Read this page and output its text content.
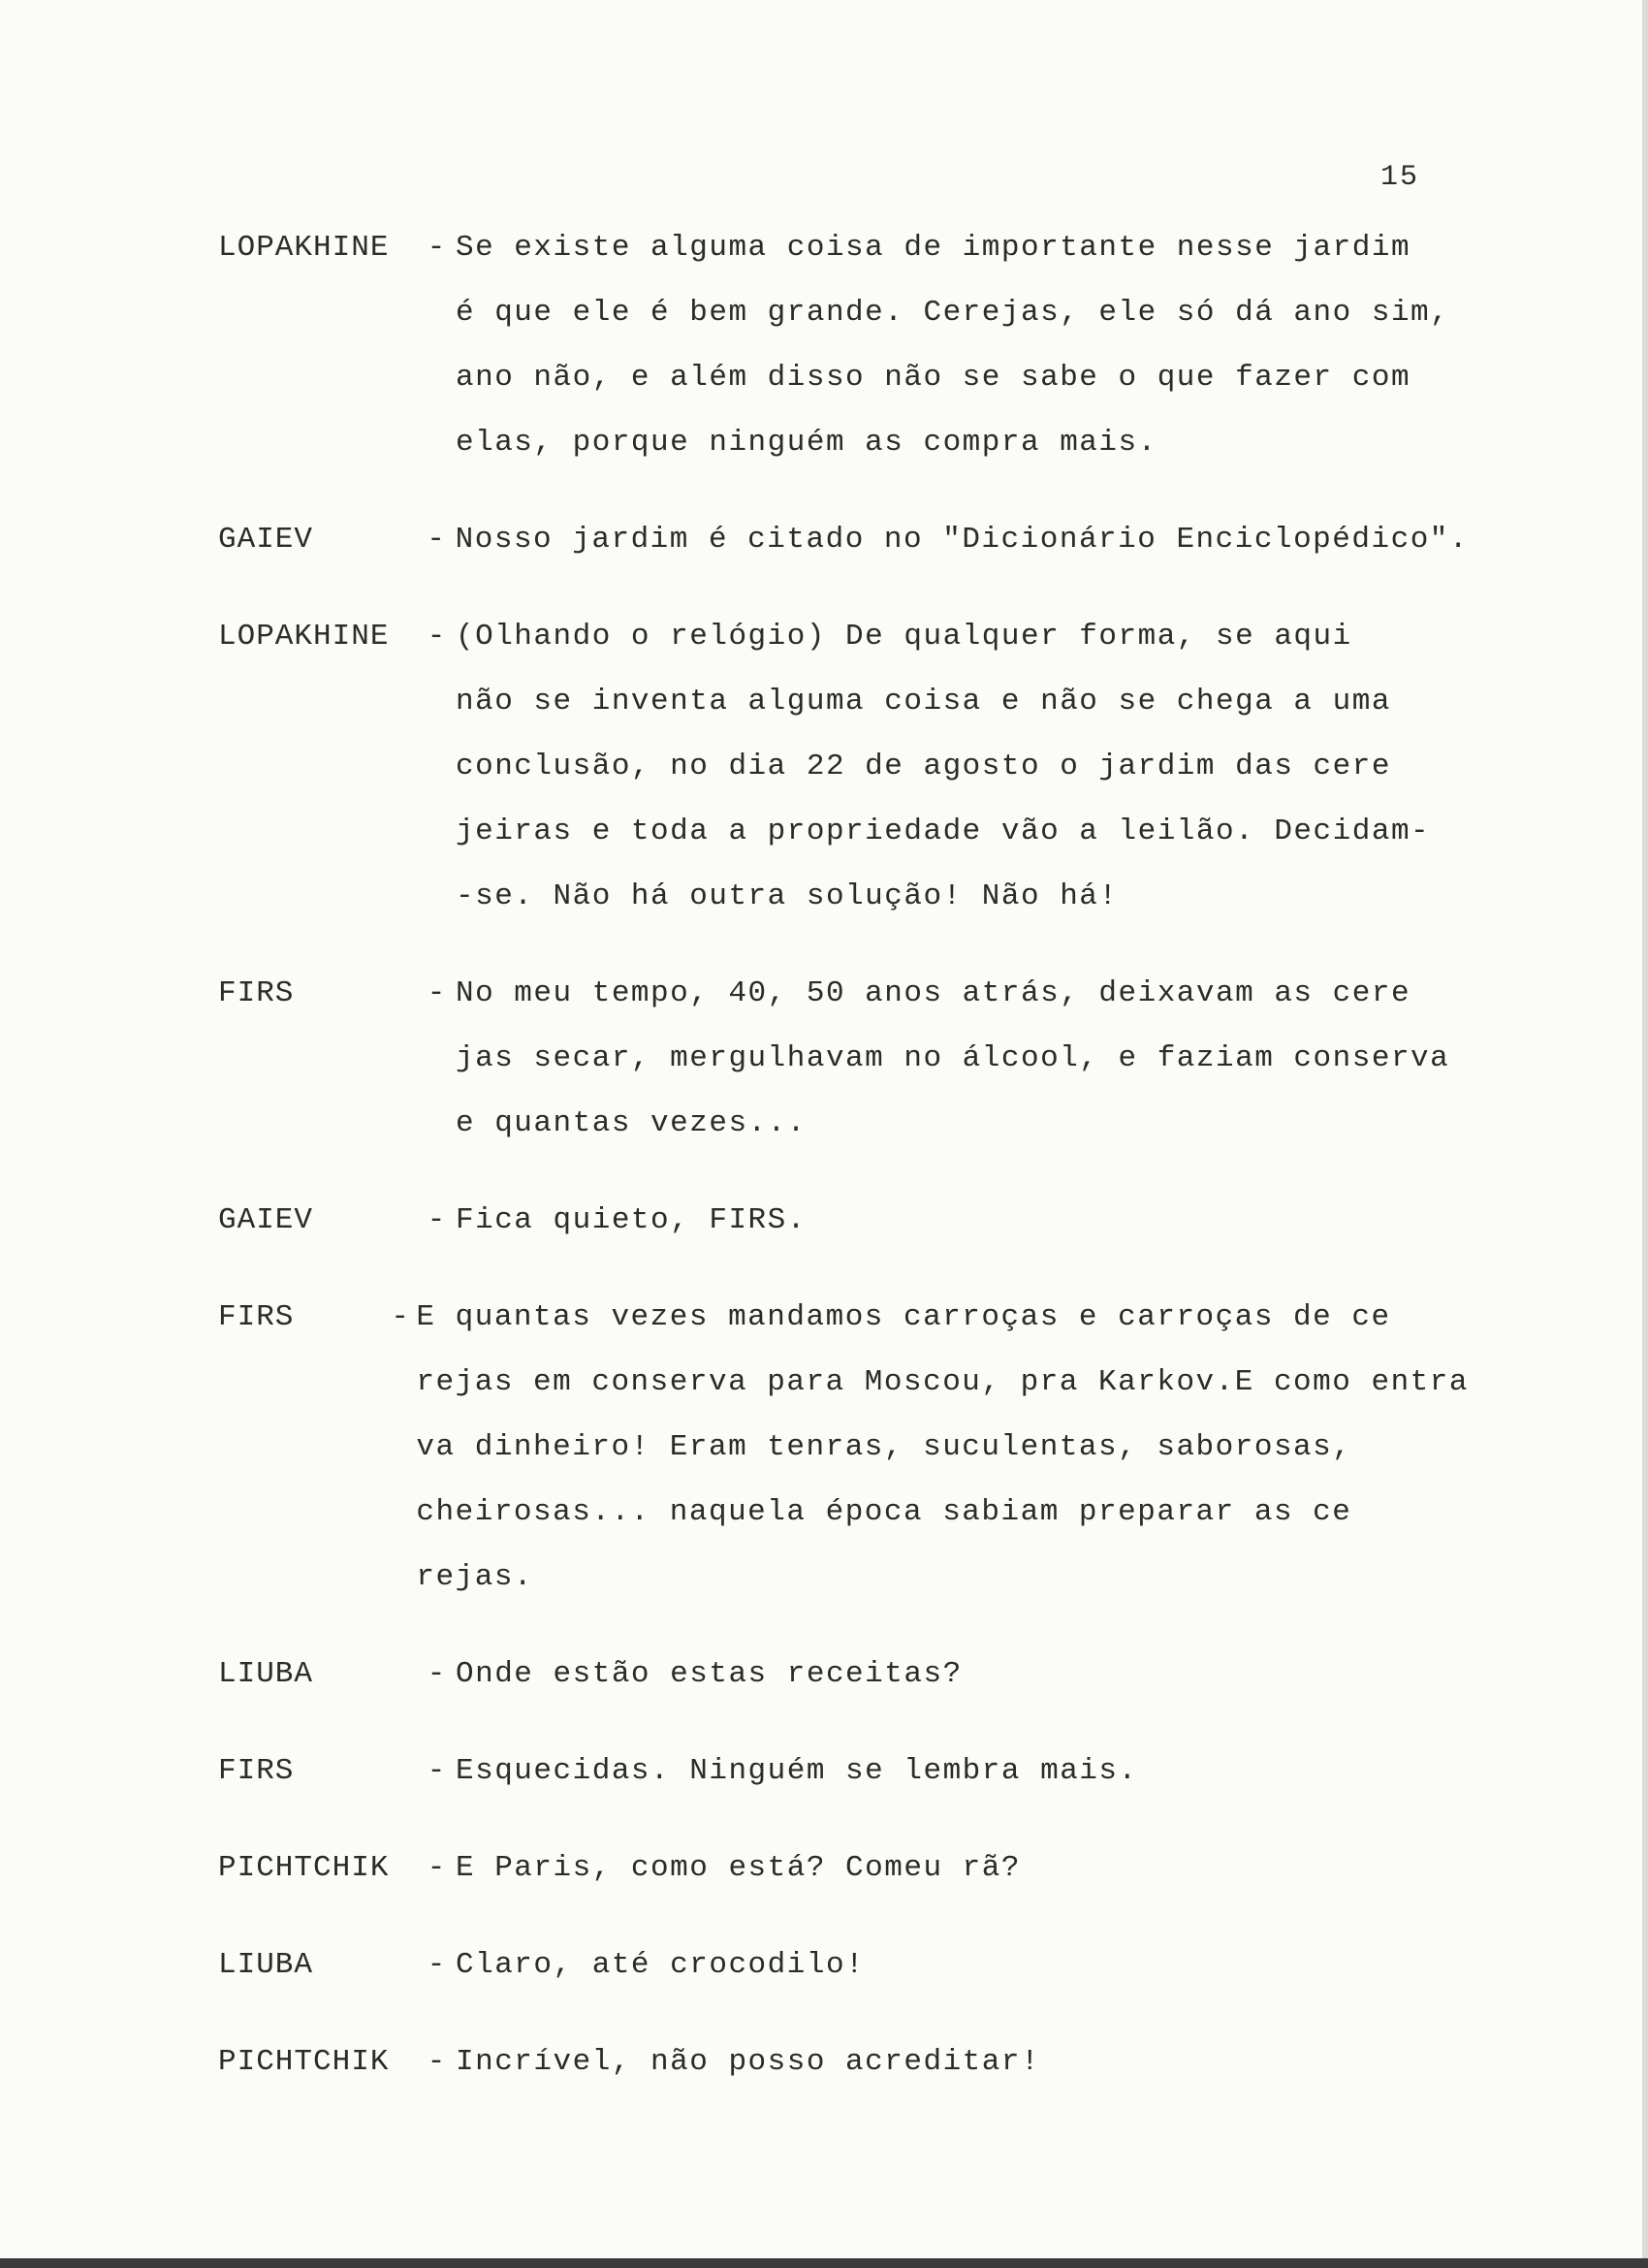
15
LOPAKHINE	- Se existe alguma coisa de importante nesse jardim
é que ele é bem grande. Cerejas, ele só dá ano sim,
ano não, e além disso não se sabe o que fazer com
elas, porque ninguém as compra mais.
GAIEV	- Nosso jardim é citado no "Dicionário Enciclopédico".
LOPAKHINE	- (Olhando o relógio) De qualquer forma, se aqui
não se inventa alguma coisa e não se chega a uma
conclusão, no dia 22 de agosto o jardim das cere
jeiras e toda a propriedade vão a leilão. Decidam-
-se. Não há outra solução! Não há!
FIRS	- No meu tempo, 40, 50 anos atrás, deixavam as cere
jas secar, mergulhavam no álcool, e faziam conserva
e quantas vezes...
GAIEV	- Fica quieto, FIRS.
FIRS	- E quantas vezes mandamos carroças e carroças de ce
rejas em conserva para Moscou, pra Karkov.E como entra
va dinheiro! Eram tenras, suculentas, saborosas,
cheirosas... naquela época sabiam preparar as ce
rejas.
LIUBA	- Onde estão estas receitas?
FIRS	- Esquecidas. Ninguém se lembra mais.
PICHTCHIK	- E Paris, como está? Comeu rã?
LIUBA	- Claro, até crocodilo!
PICHTCHIK	- Incrível, não posso acreditar!
